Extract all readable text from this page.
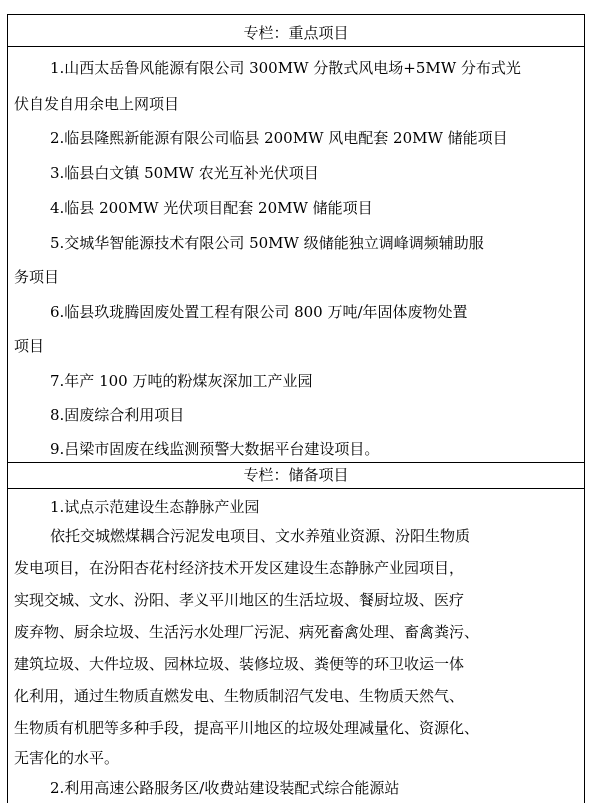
专栏：重点项目
1.山西太岳鲁风能源有限公司 300MW 分散式风电场+5MW 分布式光
伏自发自用余电上网项目
2.临县隆熙新能源有限公司临县 200MW 风电配套 20MW 储能项目
3.临县白文镇 50MW 农光互补光伏项目
4.临县 200MW 光伏项目配套 20MW 储能项目
5.交城华智能源技术有限公司 50MW 级储能独立调峰调频辅助服
务项目
6.临县玖珑腾固废处置工程有限公司 800 万吨/年固体废物处置
项目
7.年产 100 万吨的粉煤灰深加工产业园
8.固废综合利用项目
9.吕梁市固废在线监测预警大数据平台建设项目。
专栏：储备项目
1.试点示范建设生态静脉产业园
依托交城燃煤耦合污泥发电项目、文水养殖业资源、汾阳生物质
发电项目，在汾阳杏花村经济技术开发区建设生态静脉产业园项目，
实现交城、文水、汾阳、孝义平川地区的生活垃圾、餐厨垃圾、医疗
废弃物、厨余垃圾、生活污水处理厂污泥、病死畜禽处理、畜禽粪污、
建筑垃圾、大件垃圾、园林垃圾、装修垃圾、粪便等的环卫收运一体
化利用，通过生物质直燃发电、生物质制沼气发电、生物质天然气、
生物质有机肥等多种手段，提高平川地区的垃圾处理减量化、资源化、
无害化的水平。
2.利用高速公路服务区/收费站建设装配式综合能源站
